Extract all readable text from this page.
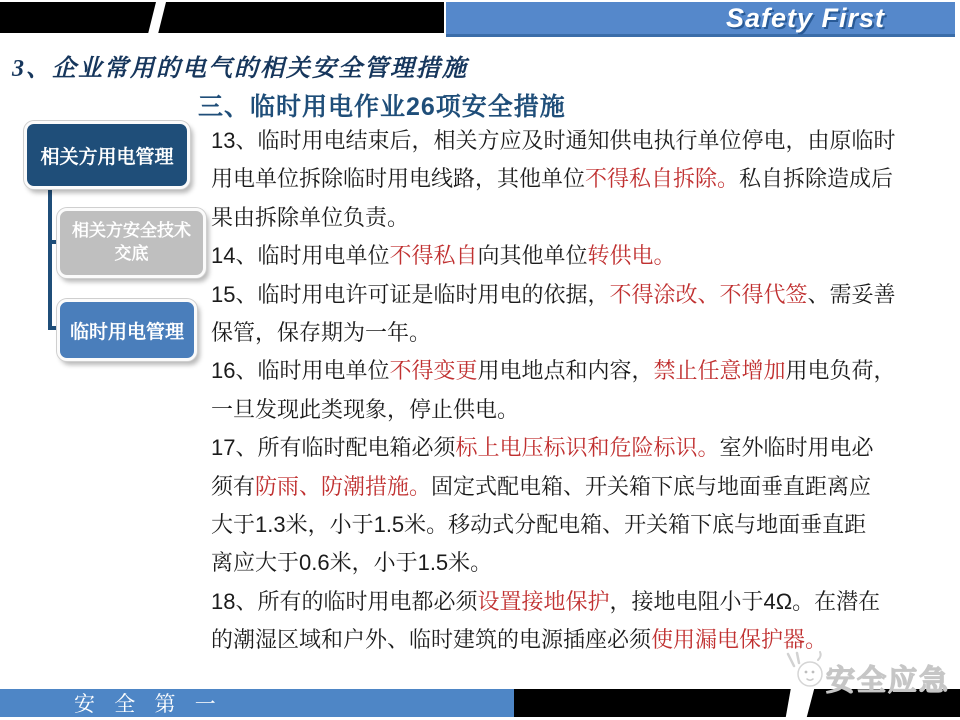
Safety First
3、企业常用的电气的相关安全管理措施
三、临时用电作业26项安全措施
相关方用电管理
相关方安全技术交底
临时用电管理
13、临时用电结束后，相关方应及时通知供电执行单位停电，由原临时
用电单位拆除临时用电线路，其他单位不得私自拆除。私自拆除造成后
果由拆除单位负责。
14、临时用电单位不得私自向其他单位转供电。
15、临时用电许可证是临时用电的依据，不得涂改、不得代签、需妥善
保管，保存期为一年。
16、临时用电单位不得变更用电地点和内容，禁止任意增加用电负荷，
一旦发现此类现象，停止供电。
17、所有临时配电箱必须标上电压标识和危险标识。室外临时用电必
须有防雨、防潮措施。固定式配电箱、开关箱下底与地面垂直距离应
大于1.3米，小于1.5米。移动式分配电箱、开关箱下底与地面垂直距
离应大于0.6米，小于1.5米。
18、所有的临时用电都必须设置接地保护，接地电阻小于4Ω。在潜在
的潮湿区域和户外、临时建筑的电源插座必须使用漏电保护器。
安 全 第 一
安全应急
